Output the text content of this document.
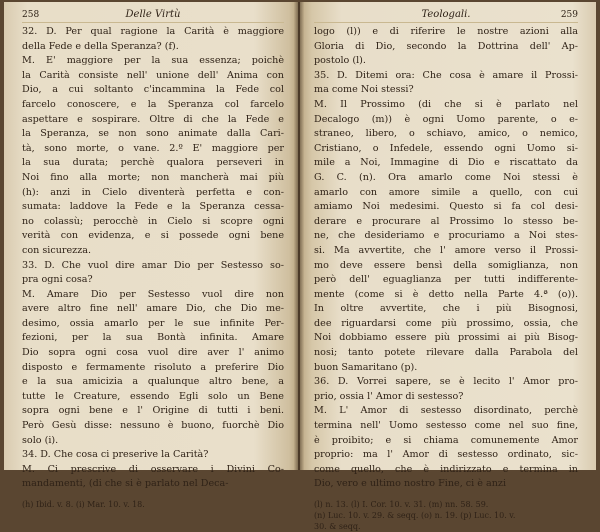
258	Delle Virtù
32. D. Per qual ragione la Carità è maggiore
della Fede e della Speranza? (f).
M. E' maggiore per la sua essenza; poichè
la Carità consiste nell' unione dell' Anima con
Dio, a cui soltanto c'incammina la Fede col
farcelo conoscere, e la Speranza col farcelo
aspettare e sospirare. Oltre di che la Fede e
la Speranza, se non sono animate dalla Cari-
tà, sono morte, o vane. 2.º E' maggiore per
la sua durata; perchè qualora perseveri in
Noi fino alla morte; non mancherà mai più
(h): anzi in Cielo diventerà perfetta e con-
sumata: laddove la Fede e la Speranza cessa-
no colassù; perocchè in Cielo si scopre ogni
verità con evidenza, e si possede ogni bene
con sicurezza.
33. D. Che vuol dire amar Dio per Sestesso so-
pra ogni cosa?
M. Amare Dio per Sestesso vuol dire non
avere altro fine nell' amare Dio, che Dio me-
desimo, ossia amarlo per le sue infinite Per-
fezioni, per la sua Bontà infinita. Amare
Dio sopra ogni cosa vuol dire aver l' animo
disposto e fermamente risoluto a preferire Dio
e la sua amicizia a qualunque altro bene, a
tutte le Creature, essendo Egli solo un Bene
sopra ogni bene e l' Origine di tutti i beni.
Però Gesù disse: nessuno è buono, fuorchè Dio
solo (i).
34. D. Che cosa ci preserive la Carità?
M. Ci prescrive di osservare i Divini Co-
mandamenti, (di che si è parlato nel Deca-
(h) Ibid. v. 8. (i) Mar. 10. v. 18.
Teologali.	259
logo (l)) e di riferire le nostre azioni alla
Gloria di Dio, secondo la Dottrina dell' Ap-
postolo (l).
35. D. Ditemi ora: Che cosa è amare il Prossi-
ma come Noi stessi?
M. Il Prossimo (di che si è parlato nel
Decalogo (m)) è ogni Uomo parente, o e-
straneo, libero, o schiavo, amico, o nemico,
Cristiano, o Infedele, essendo ogni Uomo si-
mile a Noi, Immagine di Dio e riscattato da
G. C. (n). Ora amarlo come Noi stessi è
amarlo con amore simile a quello, con cui
amiamo Noi medesimi. Questo si fa col desi-
derare e procurare al Prossimo lo stesso be-
ne, che desideriamo e procuriamo a Noi stes-
si. Ma avvertite, che l' amore verso il Prossi-
mo deve essere bensì della somiglianza, non
però dell' eguaglianza per tutti indifferente-
mente (come si è detto nella Parte 4.ª (o)).
In oltre avvertite, che i più Bisognosi,
dee riguardarsi come più prossimo, ossia, che
Noi dobbiamo essere più prossimi ai più Bisog-
nosi; tanto potete rilevare dalla Parabola del
buon Samaritano (p).
36. D. Vorrei sapere, se è lecito l' Amor pro-
prio, ossia l' Amor di sestesso?
M. L' Amor di sestesso disordinato, perchè
termina nell' Uomo sestesso come nel suo fine,
è proibito; e si chiama comunemente Amor
proprio: ma l' Amor di sestesso ordinato, sic-
come quello, che è indirizzato e termina in
Dio, vero e ultimo nostro Fine, ci è anzi
(l) n. 13. (l) I. Cor. 10. v. 31. (m) nn. 58. 59.
(n) Luc. 10. v. 29. & seqq. (o) n. 19. (p) Luc. 10. v.
30. & seqq.
